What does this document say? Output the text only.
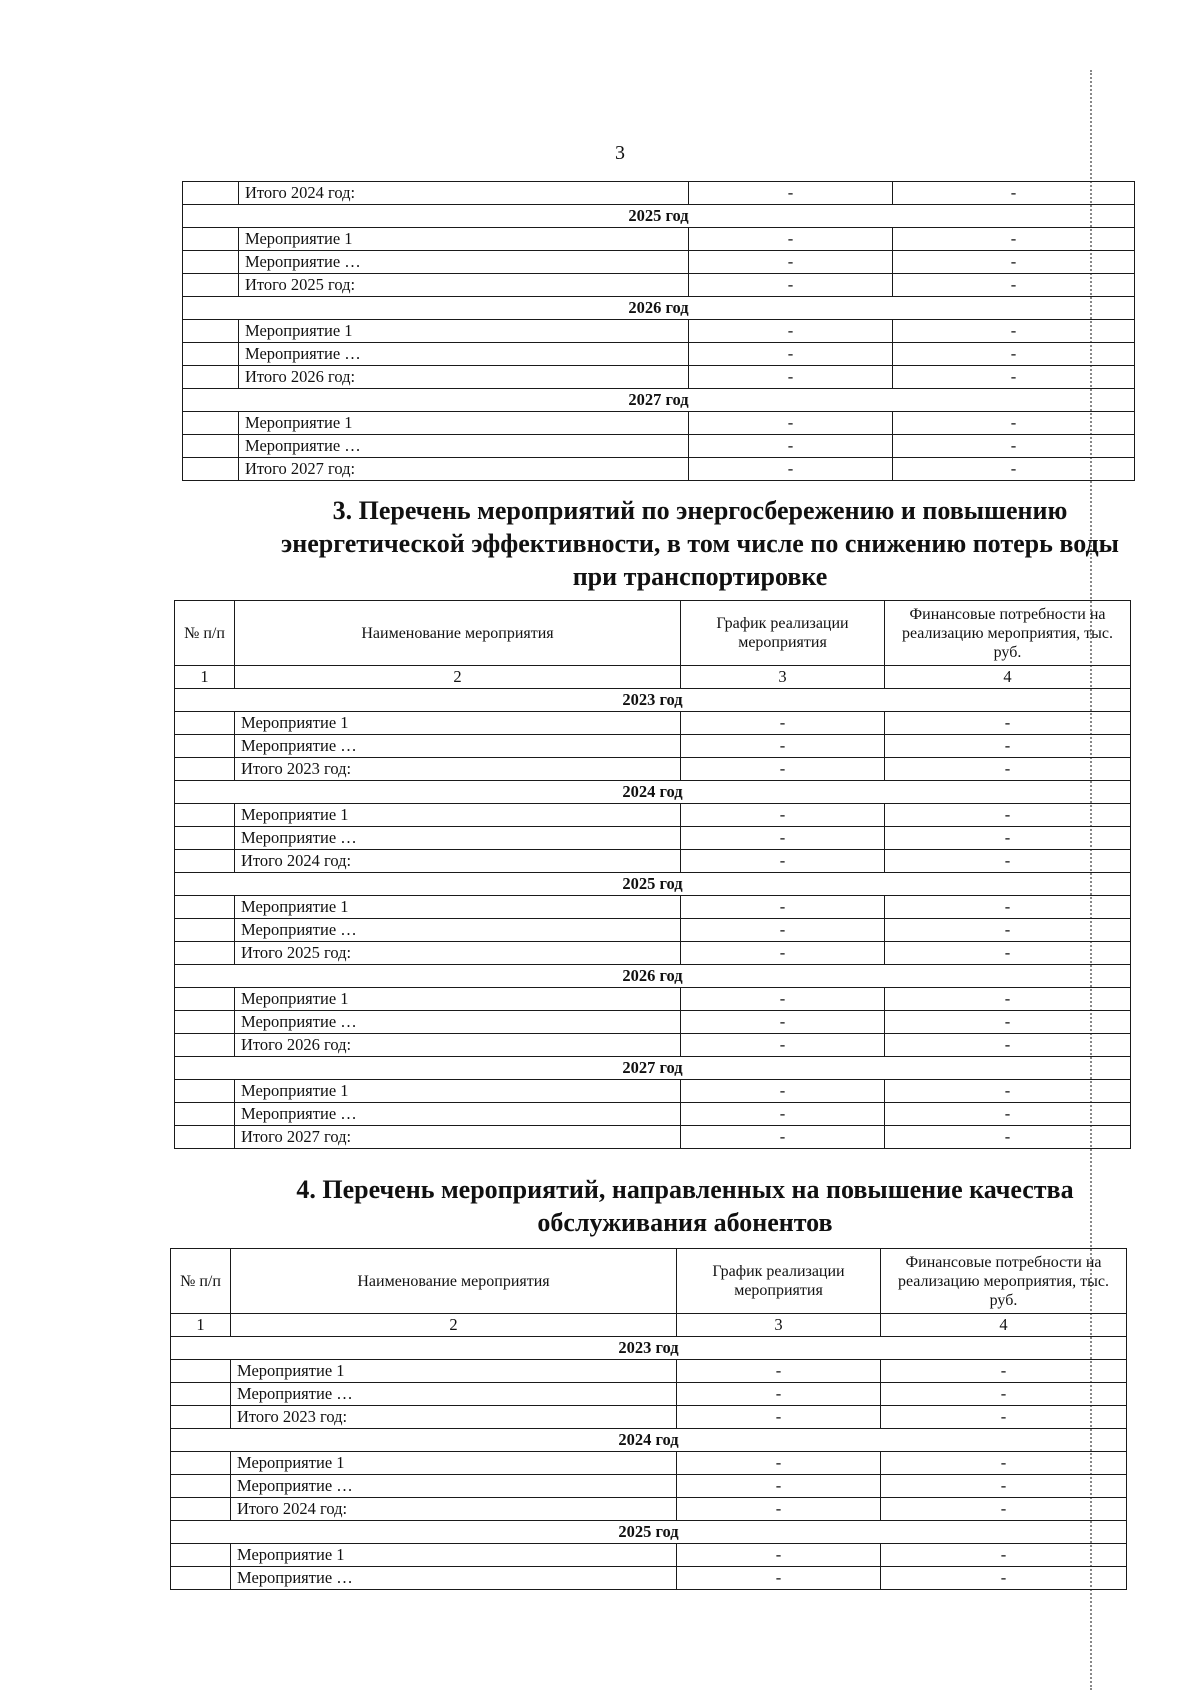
3
	Итого 2024 год:	-	-
2025 год			
	Мероприятие 1	-	-
	Мероприятие …	-	-
	Итого 2025 год:	-	-
2026 год			
	Мероприятие 1	-	-
	Мероприятие …	-	-
	Итого 2026 год:	-	-
2027 год			
	Мероприятие 1	-	-
	Мероприятие …	-	-
	Итого 2027 год:	-	-
3. Перечень мероприятий по энергосбережению и повышению энергетической эффективности, в том числе по снижению потерь воды при транспортировке
№ п/п	Наименование мероприятия	График реализации мероприятия	Финансовые потребности на реализацию мероприятия, тыс. руб.
1	2	3	4
2023 год			
	Мероприятие 1	-	-
	Мероприятие …	-	-
	Итого 2023 год:	-	-
2024 год			
	Мероприятие 1	-	-
	Мероприятие …	-	-
	Итого 2024 год:	-	-
2025 год			
	Мероприятие 1	-	-
	Мероприятие …	-	-
	Итого 2025 год:	-	-
2026 год			
	Мероприятие 1	-	-
	Мероприятие …	-	-
	Итого 2026 год:	-	-
2027 год			
	Мероприятие 1	-	-
	Мероприятие …	-	-
	Итого 2027 год:	-	-
4. Перечень мероприятий, направленных на повышение качества обслуживания абонентов
№ п/п	Наименование мероприятия	График реализации мероприятия	Финансовые потребности на реализацию мероприятия, тыс. руб.
1	2	3	4
2023 год			
	Мероприятие 1	-	-
	Мероприятие …	-	-
	Итого 2023 год:	-	-
2024 год			
	Мероприятие 1	-	-
	Мероприятие …	-	-
	Итого 2024 год:	-	-
2025 год			
	Мероприятие 1	-	-
	Мероприятие …	-	-
